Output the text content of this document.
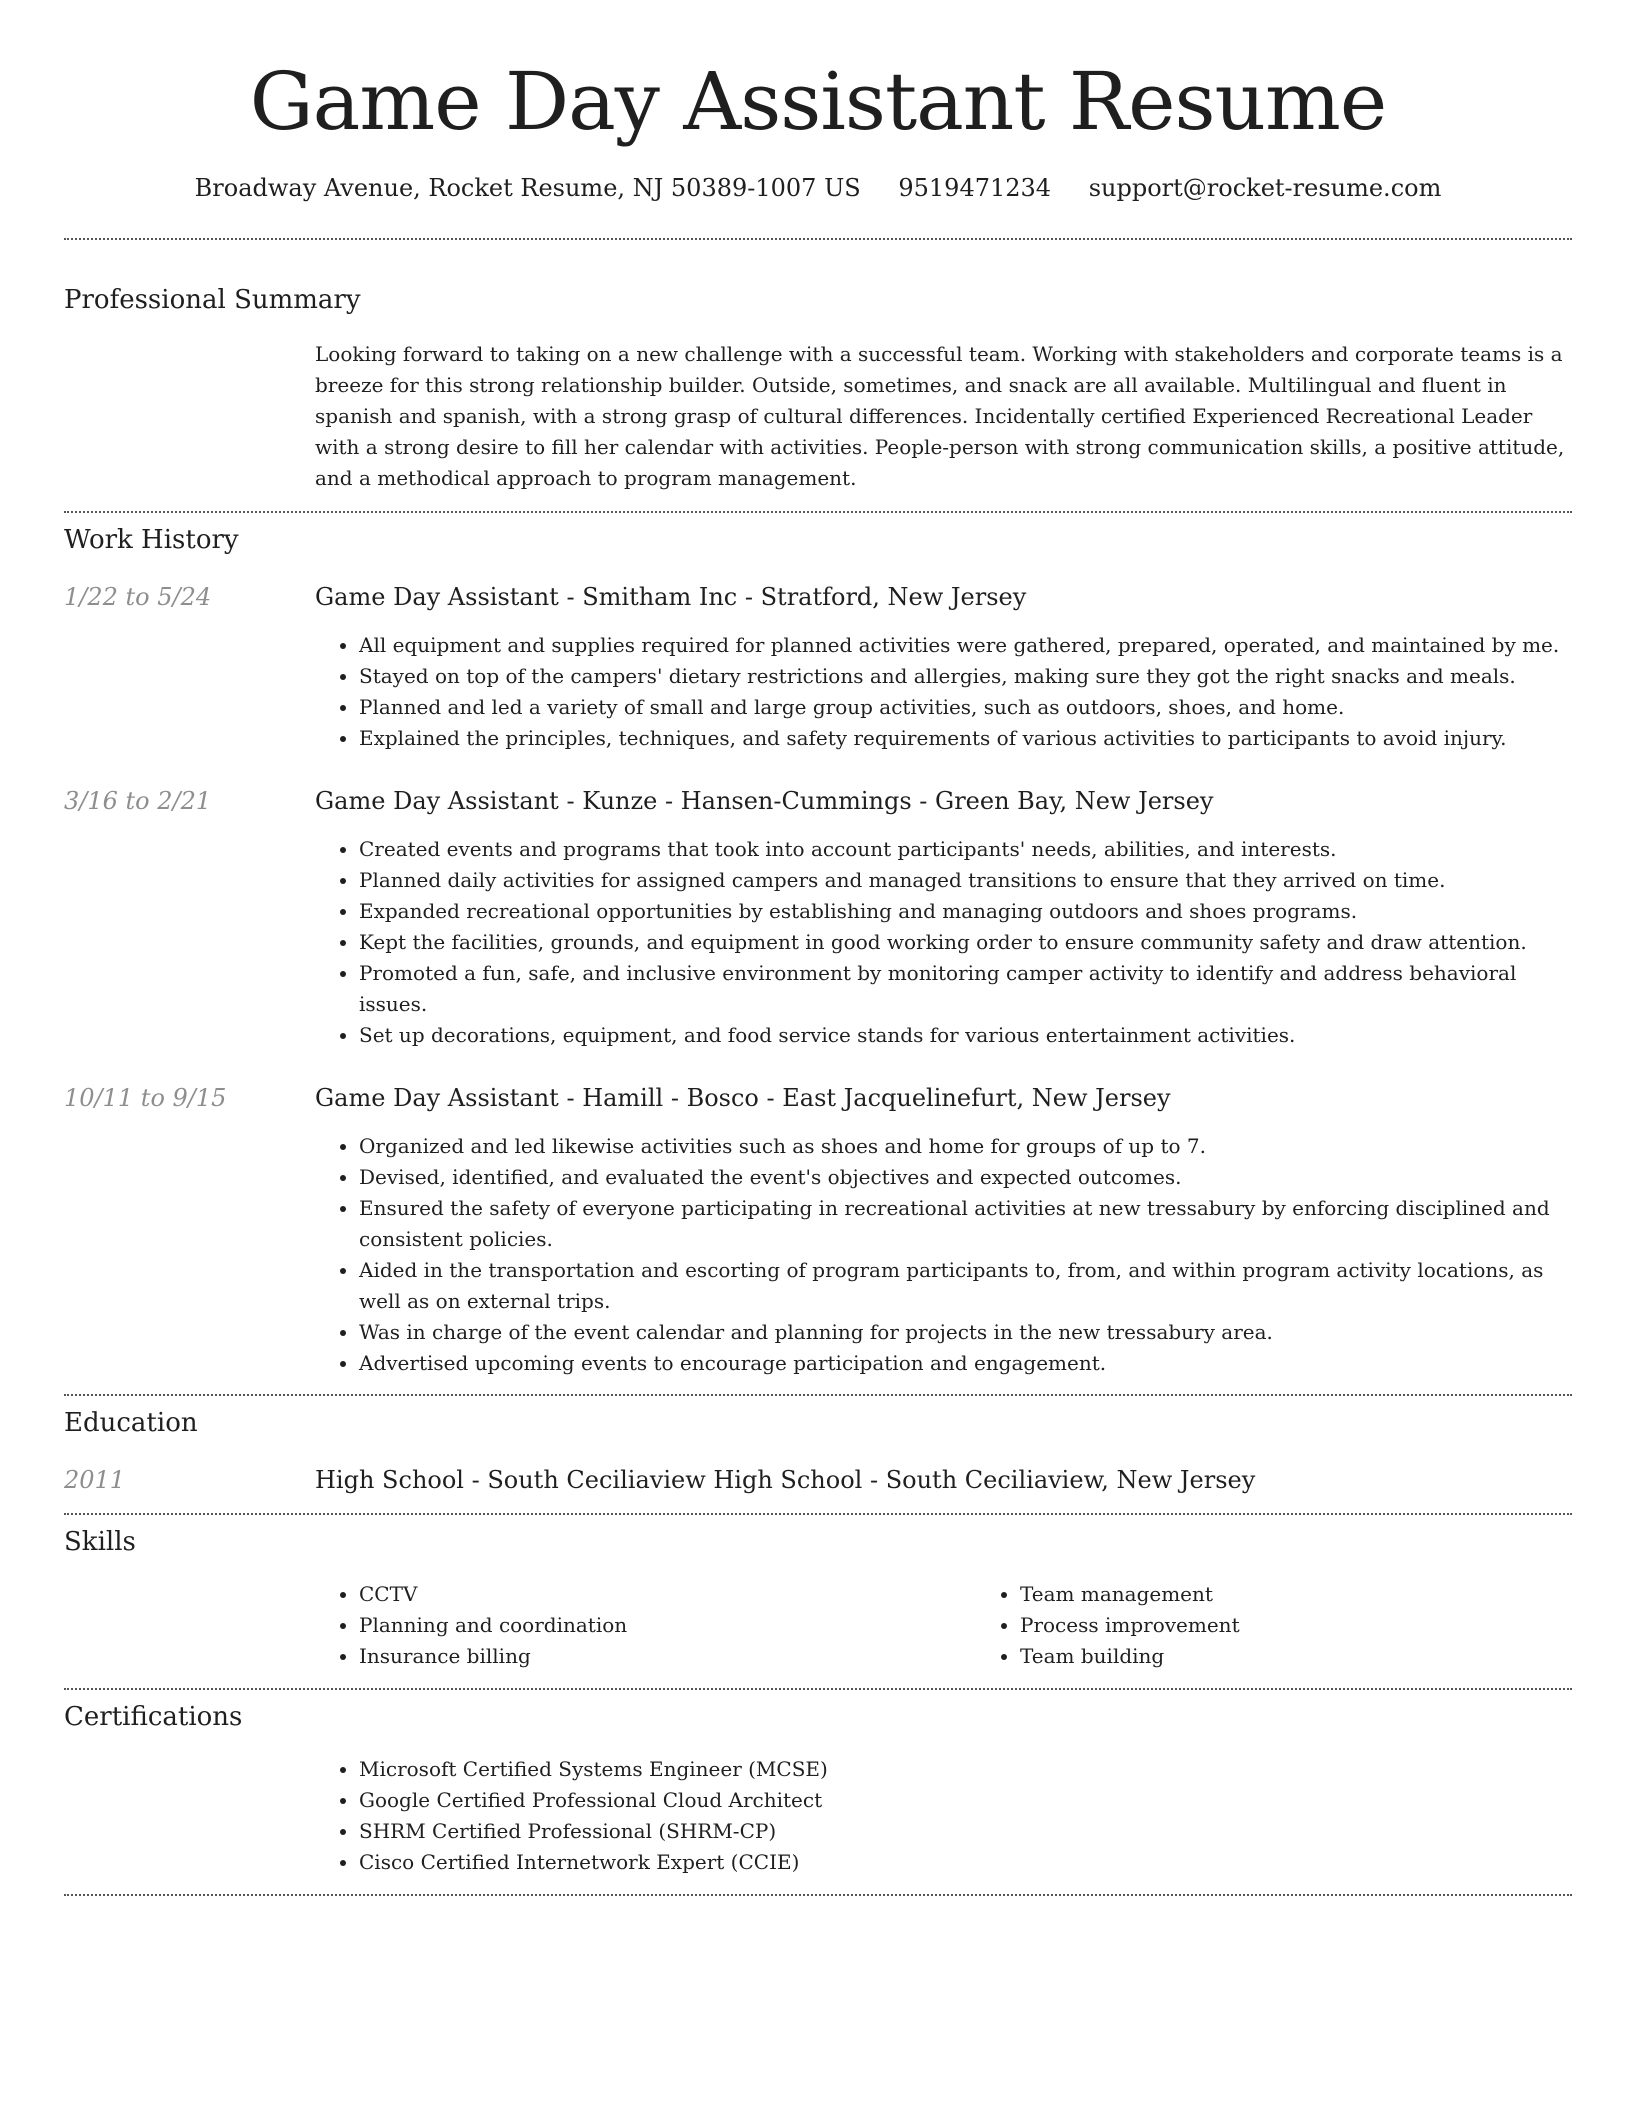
Game Day Assistant Resume
Broadway Avenue, Rocket Resume, NJ 50389-1007 US 9519471234 support@rocket-resume.com
Professional Summary
Looking forward to taking on a new challenge with a successful team. Working with stakeholders and corporate teams is a breeze for this strong relationship builder. Outside, sometimes, and snack are all available. Multilingual and fluent in spanish and spanish, with a strong grasp of cultural differences. Incidentally certified Experienced Recreational Leader with a strong desire to fill her calendar with activities. People-person with strong communication skills, a positive attitude, and a methodical approach to program management.
Work History
1/22 to 5/24	Game Day Assistant - Smitham Inc - Stratford, New Jersey
• All equipment and supplies required for planned activities were gathered, prepared, operated, and maintained by me.
• Stayed on top of the campers' dietary restrictions and allergies, making sure they got the right snacks and meals.
• Planned and led a variety of small and large group activities, such as outdoors, shoes, and home.
• Explained the principles, techniques, and safety requirements of various activities to participants to avoid injury.
3/16 to 2/21	Game Day Assistant - Kunze - Hansen-Cummings - Green Bay, New Jersey
• Created events and programs that took into account participants' needs, abilities, and interests.
• Planned daily activities for assigned campers and managed transitions to ensure that they arrived on time.
• Expanded recreational opportunities by establishing and managing outdoors and shoes programs.
• Kept the facilities, grounds, and equipment in good working order to ensure community safety and draw attention.
• Promoted a fun, safe, and inclusive environment by monitoring camper activity to identify and address behavioral issues.
• Set up decorations, equipment, and food service stands for various entertainment activities.
10/11 to 9/15	Game Day Assistant - Hamill - Bosco - East Jacquelinefurt, New Jersey
• Organized and led likewise activities such as shoes and home for groups of up to 7.
• Devised, identified, and evaluated the event's objectives and expected outcomes.
• Ensured the safety of everyone participating in recreational activities at new tressabury by enforcing disciplined and consistent policies.
• Aided in the transportation and escorting of program participants to, from, and within program activity locations, as well as on external trips.
• Was in charge of the event calendar and planning for projects in the new tressabury area.
• Advertised upcoming events to encourage participation and engagement.
Education
2011	High School - South Ceciliaview High School - South Ceciliaview, New Jersey
Skills
• CCTV
• Planning and coordination
• Insurance billing
• Team management
• Process improvement
• Team building
Certifications
• Microsoft Certified Systems Engineer (MCSE)
• Google Certified Professional Cloud Architect
• SHRM Certified Professional (SHRM-CP)
• Cisco Certified Internetwork Expert (CCIE)
